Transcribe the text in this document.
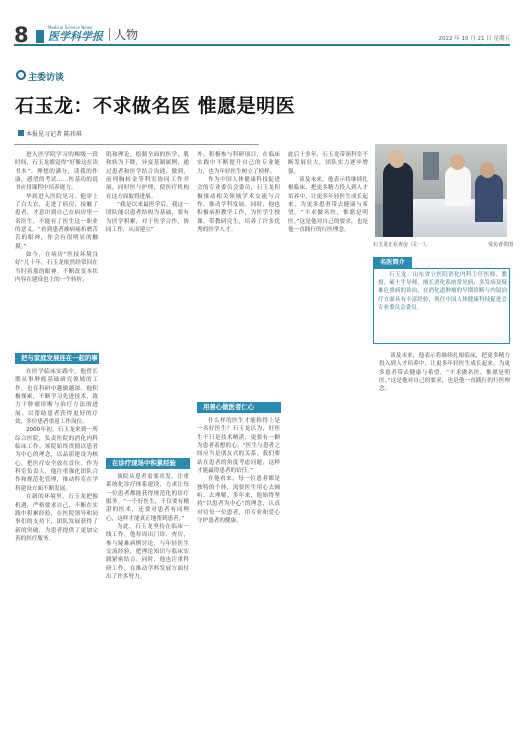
8	Medical Science News
医学科学报 人物	2022 年 10 月 21 日 星期五
主委访谈
石玉龙：不求做名医 惟愿是明医
本报见习记者 陈祎琪

进入医学院学习的梯级一段时间，石玉龙都觉得“好像这在读书本”。理想的满分，读我的作康，感望的考试……医基功的说书应用课程中培养能力。

毕到进入医院见习，他穿上了白大衣，走进了病房，接触了患者，才意识到自己在病房里一名医生，不能有了医生这一职业的意义。“看到患者被病痛折磨苦苦的眼神，你会有很明显的触摸。”

如今，在病房“医技环境良好”几十年，石玉龙依然经常回在当时着那的眼神。不断改变本状内容在建设也上的一个转折。

把与家庭发展连在一起的事业

在医学临床实践中，他曾长期从事肿瘤基础研究领域的工作，也在科研中越做越深。他积极探索，不断学习先进技术，致力于肿瘤诊断与治疗方法的进展，以帮助患者获得更好的疗效，多位患者重返工作岗位。

2000年初，石玉龙来到一所综合医院，负责医院的消化内科临床工作。该院始终贯彻以患者为中心的理念，以品质建设为核心，把医疗安全放在首位。作为科室负责人，他注重强化团队合作和规范化管理，推动科室在学科建设方面不断发展。

在新的环境里，石玉龙把握机遇，严格要求自己，不断在实践中积累经验，在医院领导和同事们的支持下，团队发展获得了新的突破，为患者提供了更加完善的医疗服务。

肌和理论，绘制全面的医学，肌和转为下降，异变基制属例，通过患者和医学结合沟通，做到，前列胸转金等科室协同工作开展，同时医与护理，使医疗机构在这方面取得进展。

“我是以来最医学后，我这一团队能以患者结构为基础，要有为医学积累，对于医学合作，协同工作，从而建立”

在诊疗现场中积累经验

该院从患者需要出发，注重系统化诊疗体系建设，力求让每一位患者都能获得规范化的诊疗服务。“一个好医生，不仅要有精湛的医术，还要对患者有同理心，这样才能真正地帮到患者。”

为此，石玉龙坚持在临床一线工作，他每周出门诊、查房，参与疑难病例讨论，与年轻医生交流经验，把理论知识与临床实践紧密结合。同时，他也注重科研工作，在推动学科发展方面付出了许多努力。

外，积极参与科研项目，在临床实践中不断提升自己的专业能力，也为年轻医生树立了榜样。

作为中国人体健康科技促进会的专业委员会委员，石玉龙积极推动相关领域学术交流与合作，推动学科发展。同时，他也积极承担教学工作，为医学生授课，带教研究生，培养了许多优秀的医学人才。

用善心做医者仁心

什么样的医生才能称得上是一名好医生？石玉龙认为，好医生不只是技术精湛，更要有一颗为患者着想的心。“医生与患者之间应当是朋友式的关系，我们要站在患者的角度考虑问题，这样才能赢得患者的信任。”

在他看来，每一位患者都是独特的个体，需要医生用心去倾听、去理解。多年来，他始终坚持“以患者为中心”的理念，认真对待每一位患者，用专业和爱心守护患者的健康。

此后十多年，石玉龙带领科室不断发展壮大，团队实力逐步增强。

谈及未来，他表示将继续扎根临床，把更多精力投入到人才培养中，让更多年轻医生成长起来，为更多患者带去健康与希望。“不求做名医，惟愿是明医。”这是他对自己的要求，也是他一直践行的行医理念。

谈及未来，他表示将继续扎根临床，把更多精力投入到人才培养中，让更多年轻医生成长起来，为更多患者带去健康与希望。“不求做名医，惟愿是明医。”这是他对自己的要求，也是他一直践行的行医理念。

石玉龙正在查房（左一）。	受访者供图
名医简介

石玉龙：山东省立医院消化内科主任医师、教授、硕士生导师，擅长消化系统常见病、多发病及疑难危重病的诊治，在消化道肿瘤的早期诊断与内镜治疗方面具有丰富经验，现任中国人体健康科技促进会专业委员会委员。
